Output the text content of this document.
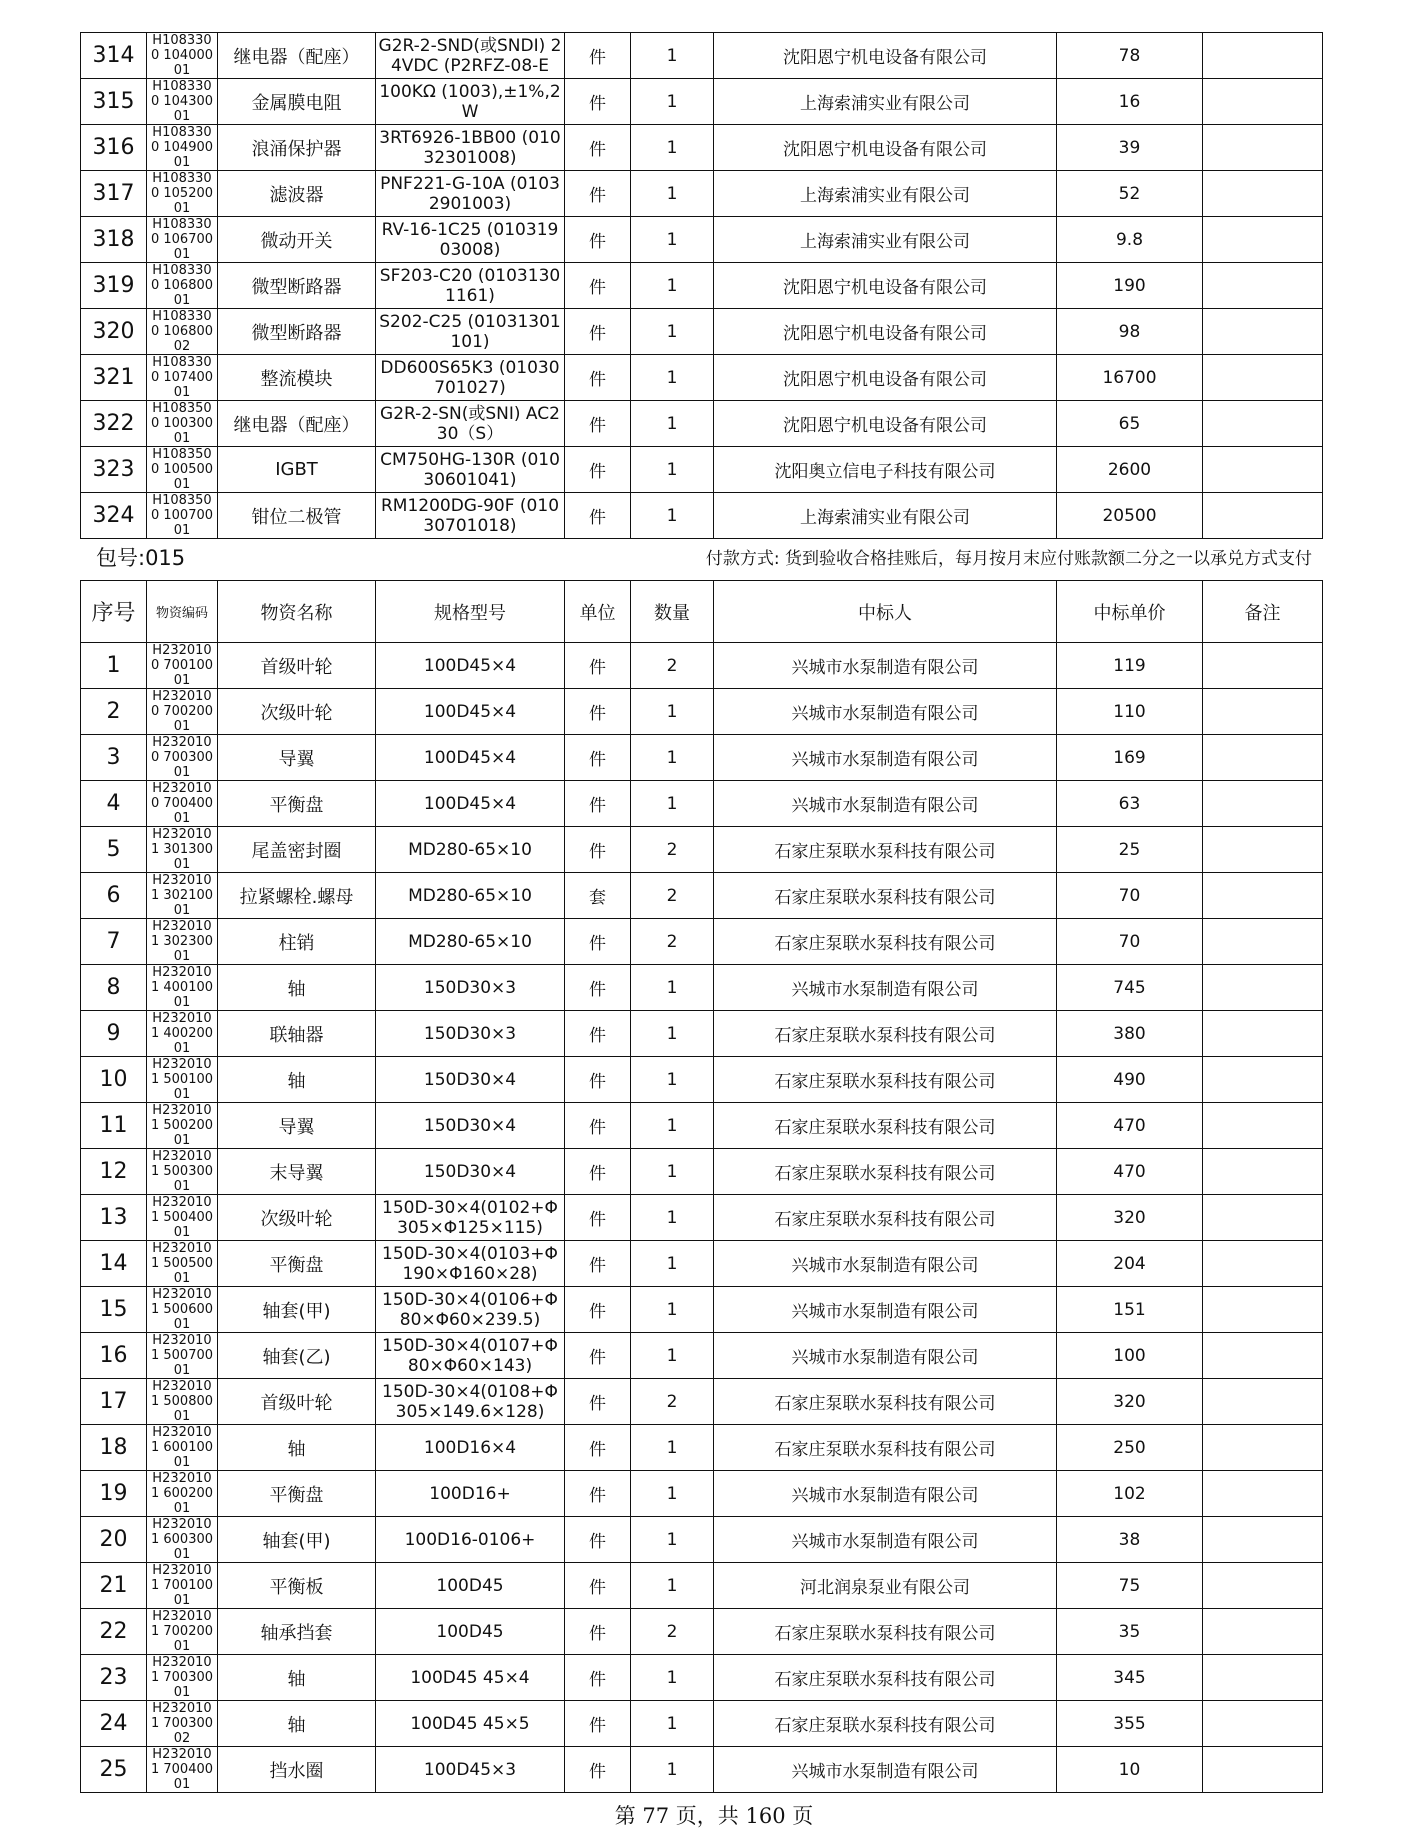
314	H1083300 10400001	继电器（配座）	G2R-2-SND(或SNDI) 24VDC (P2RFZ-08-E	件	1	沈阳恩宁机电设备有限公司	78	
315	H1083300 10430001	金属膜电阻	100KΩ (1003),±1%,2W	件	1	上海索浦实业有限公司	16	
316	H1083300 10490001	浪涌保护器	3RT6926-1BB00 (01032301008)	件	1	沈阳恩宁机电设备有限公司	39	
317	H1083300 10520001	滤波器	PNF221-G-10A (01032901003)	件	1	上海索浦实业有限公司	52	
318	H1083300 10670001	微动开关	RV-16-1C25 (01031903008)	件	1	上海索浦实业有限公司	9.8	
319	H1083300 10680001	微型断路器	SF203-C20 (01031301161)	件	1	沈阳恩宁机电设备有限公司	190	
320	H1083300 10680002	微型断路器	S202-C25 (01031301101)	件	1	沈阳恩宁机电设备有限公司	98	
321	H1083300 10740001	整流模块	DD600S65K3 (01030701027)	件	1	沈阳恩宁机电设备有限公司	16700	
322	H1083500 10030001	继电器（配座）	G2R-2-SN(或SNI) AC230（S）	件	1	沈阳恩宁机电设备有限公司	65	
323	H1083500 10050001	IGBT	CM750HG-130R (01030601041)	件	1	沈阳奥立信电子科技有限公司	2600	
324	H1083500 10070001	钳位二极管	RM1200DG-90F (01030701018)	件	1	上海索浦实业有限公司	20500	
包号:015	付款方式: 货到验收合格挂账后，每月按月末应付账款额二分之一以承兑方式支付
序号	物资编码	物资名称	规格型号	单位	数量	中标人	中标单价	备注
1	H2320100 70010001	首级叶轮	100D45×4	件	2	兴城市水泵制造有限公司	119	
2	H2320100 70020001	次级叶轮	100D45×4	件	1	兴城市水泵制造有限公司	110	
3	H2320100 70030001	导翼	100D45×4	件	1	兴城市水泵制造有限公司	169	
4	H2320100 70040001	平衡盘	100D45×4	件	1	兴城市水泵制造有限公司	63	
5	H2320101 30130001	尾盖密封圈	MD280-65×10	件	2	石家庄泵联水泵科技有限公司	25	
6	H2320101 30210001	拉紧螺栓.螺母	MD280-65×10	套	2	石家庄泵联水泵科技有限公司	70	
7	H2320101 30230001	柱销	MD280-65×10	件	2	石家庄泵联水泵科技有限公司	70	
8	H2320101 40010001	轴	150D30×3	件	1	兴城市水泵制造有限公司	745	
9	H2320101 40020001	联轴器	150D30×3	件	1	石家庄泵联水泵科技有限公司	380	
10	H2320101 50010001	轴	150D30×4	件	1	石家庄泵联水泵科技有限公司	490	
11	H2320101 50020001	导翼	150D30×4	件	1	石家庄泵联水泵科技有限公司	470	
12	H2320101 50030001	末导翼	150D30×4	件	1	石家庄泵联水泵科技有限公司	470	
13	H2320101 50040001	次级叶轮	150D-30×4(0102+Φ 305×Φ125×115)	件	1	石家庄泵联水泵科技有限公司	320	
14	H2320101 50050001	平衡盘	150D-30×4(0103+Φ 190×Φ160×28)	件	1	兴城市水泵制造有限公司	204	
15	H2320101 50060001	轴套(甲)	150D-30×4(0106+Φ 80×Φ60×239.5)	件	1	兴城市水泵制造有限公司	151	
16	H2320101 50070001	轴套(乙)	150D-30×4(0107+Φ 80×Φ60×143)	件	1	兴城市水泵制造有限公司	100	
17	H2320101 50080001	首级叶轮	150D-30×4(0108+Φ 305×149.6×128)	件	2	石家庄泵联水泵科技有限公司	320	
18	H2320101 60010001	轴	100D16×4	件	1	石家庄泵联水泵科技有限公司	250	
19	H2320101 60020001	平衡盘	100D16+	件	1	兴城市水泵制造有限公司	102	
20	H2320101 60030001	轴套(甲)	100D16-0106+	件	1	兴城市水泵制造有限公司	38	
21	H2320101 70010001	平衡板	100D45	件	1	河北润泉泵业有限公司	75	
22	H2320101 70020001	轴承挡套	100D45	件	2	石家庄泵联水泵科技有限公司	35	
23	H2320101 70030001	轴	100D45 45×4	件	1	石家庄泵联水泵科技有限公司	345	
24	H2320101 70030002	轴	100D45 45×5	件	1	石家庄泵联水泵科技有限公司	355	
25	H2320101 70040001	挡水圈	100D45×3	件	1	兴城市水泵制造有限公司	10	
第 77 页，共 160 页
